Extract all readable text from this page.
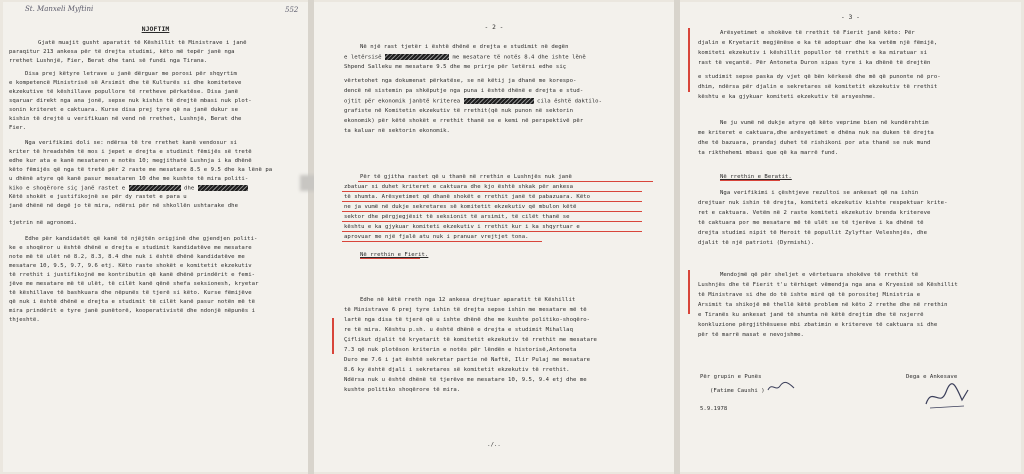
St. Manxeli Myftini	552
NJOFTIM
Gjatë muajit gusht aparatit të Këshillit të Ministrave i janë
paraqitur 213 ankesa për të drejta studimi, këto më tepër janë nga
rrethet Lushnjë, Fier, Berat dhe tani së fundi nga Tirana.
Disa prej këtyre letrave u janë dërguar me porosi për shqyrtim
e kompetencë Ministrisë së Arsimit dhe të Kulturës si dhe komiteteve
ekzekutive të këshillave popullore të rretheve përkatëse. Disa janë
sqaruar direkt nga ana jonë, sepse nuk kishin të drejtë mbasi nuk plot-
sonin kriteret e caktuara. Kurse disa prej tyre që na janë dukur se
kishin të drejtë u verifikuan në vend në rrethet, Lushnjë, Berat dhe
Fier.
Nga verifikimi doli se: ndërsa të tre rrethet kanë vendosur si
kriter të hreadshëm të mos i jepet e drejta e studimit fëmijës së tretë
edhe kur ata e kanë mesataren e notës 10; megjithatë Lushnja i ka dhënë
këto fëmijës që nga të tretë për 2 raste me mesatare 8.5 e 9.5 dhe ka lënë pa
u dhënë atyre që kanë pasur mesataren 10 dhe me kushte të mira politi-
kiko e shoqërore siç janë rastet e	dhe
Këtë shokët e justifikojnë se për dy rastet e para u
janë dhënë në degë jo të mira, ndërsi për në shkollën ushtarake dhe
tjetrin në agronomi.
Edhe për kandidatët që kanë të njëjtën origjinë dhe gjendjen politi-
ke e shoqëror u është dhënë e drejta e studimit kandidatëve me mesatare
note më të ulët në 8.2, 8.3, 8.4 dhe nuk i është dhënë kandidatëve me
mesatare 10, 9.5, 9.7, 9.6 etj. Këto raste shokët e komitetit ekzekutiv
të rrethit i justifikojnë me kontributin që kanë dhënë prindërit e femi-
jëve me mesatare më të ulët, të cilët kanë qënë shefa seksionesh, kryetar
të këshillave të bashkuara dhe nëpunës të tjerë si këto. Kurse fëmijëve
që nuk i është dhënë e drejta e studimit të cilët kanë pasur notën më të
mira prindërit e tyre janë punëtorë, kooperativistë dhe ndonjë nëpunës i
thjeshtë.
- 2 -
Në një rast tjetër i është dhënë e drejta e studimit në degën
e letërsisë	me mesatare të notës 8.4 dhe ishte lënë
Shpend Salleku me mesatare 9.5 dhe me prirje për letërsi edhe siç
vërtetohet nga dokumenat përkatëse, se në këtij ja dhanë me korespo-
dencë në sistemin pa shkëputje nga puna i është dhënë e drejta e stud-
ojtit për ekonomik janbtë kriterea	cila është daktilo-
grafiste në Komitetin ekzekutiv të rrethit(që nuk punon në sektorin
ekonomik) për këtë shokët e rrethit thanë se e kemi në perspektivë për
ta kaluar në sektorin ekonomik.
Për të gjitha rastet që u thanë në rrethin e Lushnjës nuk janë
zbatuar si duhet kriteret e caktuara dhe kjo është shkak për ankesa
të shumta. Arësyetimet që dhanë shokët e rrethit janë të pabazuara. Këto
ne ja vumë në dukje sekretares së komitetit ekzekutiv që mbulon këtë
sektor dhe përgjegjësit të seksionit të arsimit, të cilët thanë se
kështu e ka gjykuar komiteti ekzekutiv i rrethit kur i ka shqyrtuar e
aprovuar me një fjalë atu nuk i pranuar vrejtjet tona.
Në rrethin e Fierit.
Edhe në këtë rreth nga 12 ankesa drejtuar aparatit të Këshillit
të Ministrave 6 prej tyre ishin të drejta sepse ishin me mesatare më të
lartë nga disa të tjerë që u ishte dhënë dhe me kushte politiko-shoqëro-
re të mira. Kështu p.sh. u është dhënë e drejta e studimit Mihallaq
Çiflikut djalit të kryetarit të komitetit ekzekutiv të rrethit me mesatare
7.3 që nuk plotëson kriterin e notës për lëndën e historisë,Antoneta
Duro me 7.6 i jat është sekretar partie në Naftë, Ilir Pulaj me mesatare
8.6 ky është djali i sekretares së komitetit ekzekutiv të rrethit.
Ndërsa nuk u është dhënë të tjerëve me mesatare 10, 9.5, 9.4 etj dhe me
kushte politiko shoqërore të mira.
./..
- 3 -
Arësyetimet e shokëve të rrethit të Fierit janë këto: Për
djalin e Kryetarit megjënëse e ka të adoptuar dhe ka vetëm një fëmijë,
komiteti ekzekutiv i këshillit popullor të rrethit e ka miratuar si
rast të veçantë. Për Antoneta Duron sipas tyre i ka dhënë të drejtën
e studimit sepse paska dy vjet që bën kërkesë dhe më që punonte në pro-
dhim, ndërsa për djalin e sekretares së komitetit ekzekutiv të rrethit
kështu e ka gjykuar komiteti ekzekutiv të arsyeshme.
Ne ju vumë në dukje atyre që këto veprime bien në kundërshtim
me kriteret e caktuara,dhe arësyetimet e dhëna nuk na duken të drejta
dhe të bazuara, prandaj duhet të rishikoni por ata thanë se nuk mund
ta rikthehemi mbasi que që ka marrë fund.
Në rrethin e Beratit.
Nga verifikimi i çështjeve rezultoi se ankesat që na ishin
drejtuar nuk ishin të drejta, komiteti ekzekutiv kishte respektuar krite-
ret e caktuara. Vetëm në 2 raste komiteti ekzekutiv brenda kritereve
të caktuara por me mesatare më të ulët se të tjerëve i ka dhënë të
drejta studimi nipit të Heroit të popullit Zylyftar Veleshnjës, dhe
djalit të një patrioti (Dyrmishi).
Mendojmë që për sheljet e vërtetuara shokëve të rrethit të
Lushnjës dhe të Fierit t'u tërhiqet vëmendja nga ana e Kryesisë së Këshillit
të Ministrave si dhe do të ishte mirë që të porositej Ministria e
Arsimit ta shikojë më thellë këtë problem në këto 2 rrethe dhe në rrethin
e Tiranës ku ankesat janë të shumta në këtë drejtim dhe të nxjerrë
konkluzione përgjithësuese mbi zbatimin e kritereve të caktuara si dhe
për të marrë masat e nevojshme.
Për grupin e Punës
(Fatime Caushi )
Dega e Ankesave
5.9.1978
